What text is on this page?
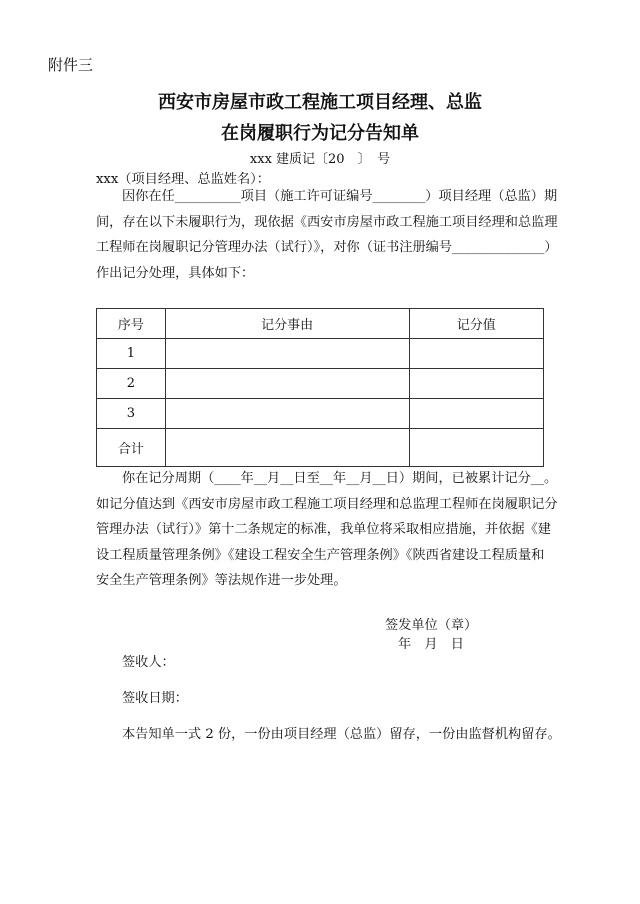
附件三
西安市房屋市政工程施工项目经理、总监
在岗履职行为记分告知单
xxx 建质记〔20　〕　号
xxx（项目经理、总监姓名）：
因你在任__________项目（施工许可证编号________）项目经理（总监）期
间，存在以下未履职行为，现依据《西安市房屋市政工程施工项目经理和总监理
工程师在岗履职记分管理办法（试行）》，对你（证书注册编号______________）
作出记分处理，具体如下：
序号	记分事由	记分值
1		
2		
3		
合计		
你在记分周期（____年__月__日至__年__月__日）期间，已被累计记分__。
如记分值达到《西安市房屋市政工程施工项目经理和总监理工程师在岗履职记分
管理办法（试行）》第十二条规定的标准，我单位将采取相应措施，并依据《建
设工程质量管理条例》《建设工程安全生产管理条例》《陕西省建设工程质量和
安全生产管理条例》等法规作进一步处理。
签发单位（章）
年　月　日
签收人：
签收日期：
本告知单一式 2 份，一份由项目经理（总监）留存，一份由监督机构留存。
